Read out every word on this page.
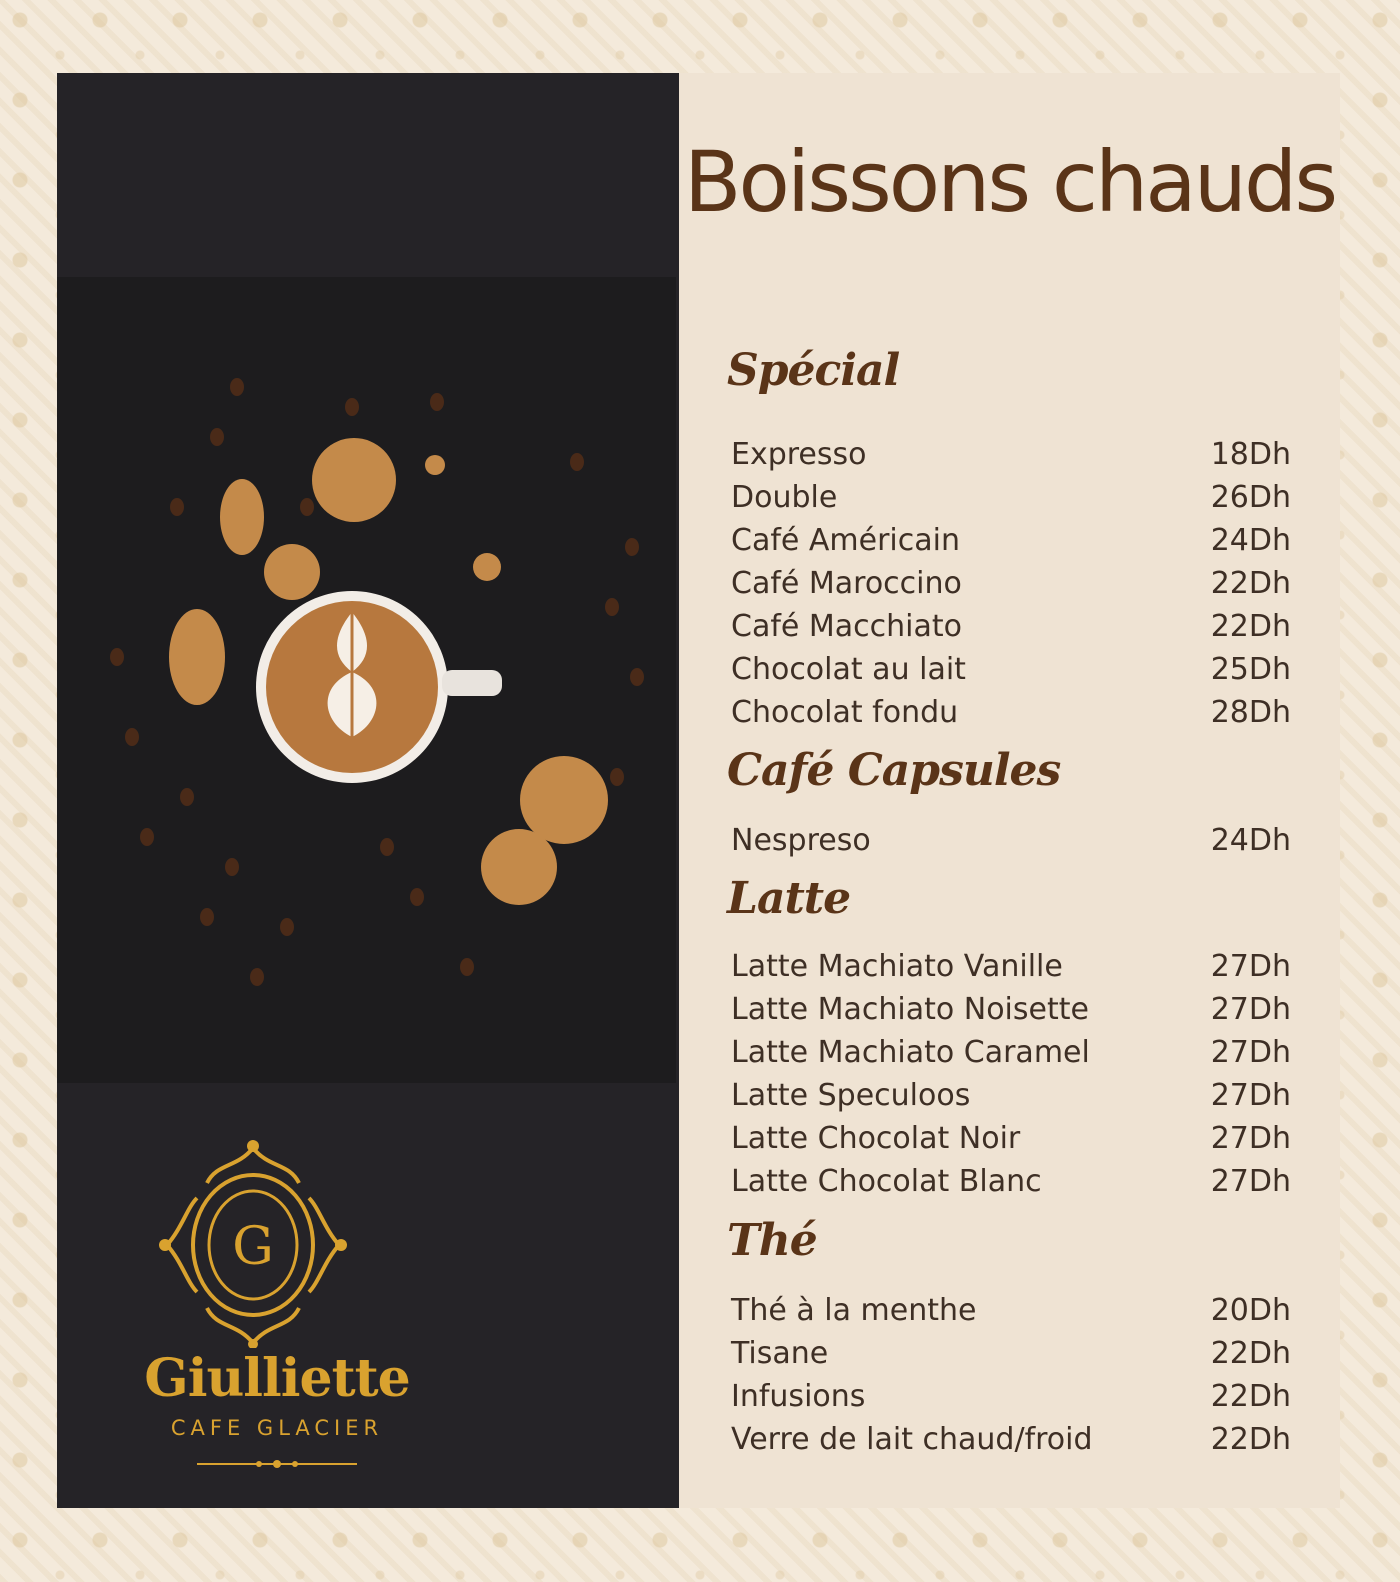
G
Giulliette
CAFE GLACIER
Boissons chauds
Spécial
Expresso	18Dh
Double	26Dh
Café Américain	24Dh
Café Maroccino	22Dh
Café Macchiato	22Dh
Chocolat au lait	25Dh
Chocolat fondu	28Dh
Café Capsules
Nespreso	24Dh
Latte
Latte Machiato Vanille	27Dh
Latte Machiato Noisette	27Dh
Latte Machiato Caramel	27Dh
Latte Speculoos	27Dh
Latte Chocolat Noir	27Dh
Latte Chocolat Blanc	27Dh
Thé
Thé à la menthe	20Dh
Tisane	22Dh
Infusions	22Dh
Verre de lait chaud/froid	22Dh
